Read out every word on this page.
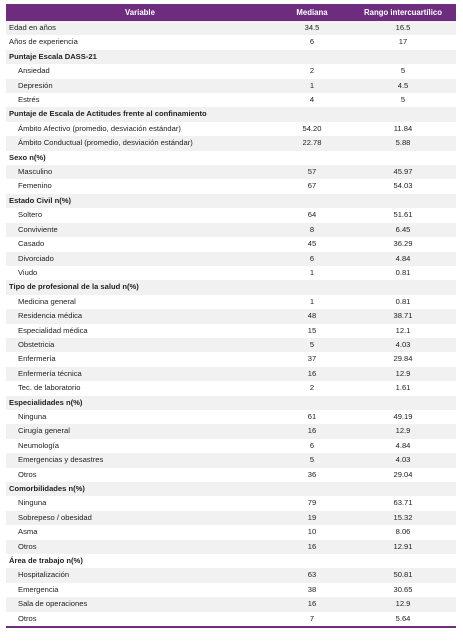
Variable	Mediana	Rango intercuartílico
Edad en años	34.5	16.5
Años de experiencia	6	17
Puntaje Escala DASS-21		
Ansiedad	2	5
Depresión	1	4.5
Estrés	4	5
Puntaje de Escala de Actitudes frente al confinamiento		
Ámbito Afectivo (promedio, desviación estándar)	54.20	11.84
Ámbito Conductual (promedio, desviación estándar)	22.78	5.88
Sexo n(%)		
Masculino	57	45.97
Femenino	67	54.03
Estado Civil n(%)		
Soltero	64	51.61
Conviviente	8	6.45
Casado	45	36.29
Divorciado	6	4.84
Viudo	1	0.81
Tipo de profesional de la salud n(%)		
Medicina general	1	0.81
Residencia médica	48	38.71
Especialidad médica	15	12.1
Obstetricia	5	4.03
Enfermería	37	29.84
Enfermería técnica	16	12.9
Tec. de laboratorio	2	1.61
Especialidades n(%)		
Ninguna	61	49.19
Cirugía general	16	12.9
Neumología	6	4.84
Emergencias y desastres	5	4.03
Otros	36	29.04
Comorbilidades n(%)		
Ninguna	79	63.71
Sobrepeso / obesidad	19	15.32
Asma	10	8.06
Otros	16	12.91
Área de trabajo n(%)		
Hospitalización	63	50.81
Emergencia	38	30.65
Sala de operaciones	16	12.9
Otros	7	5.64
